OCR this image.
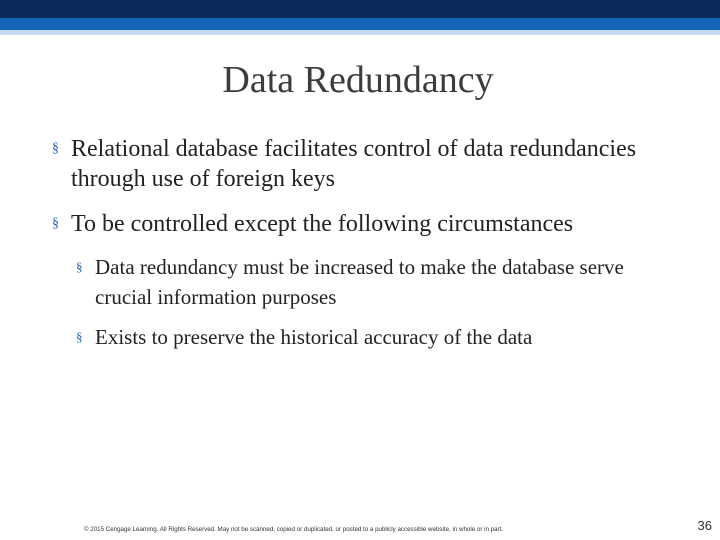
Data Redundancy
§ Relational database facilitates control of data redundancies through use of foreign keys
§ To be controlled except the following circumstances
§ Data redundancy must be increased to make the database serve crucial information purposes
§ Exists to preserve the historical accuracy of the data
© 2015 Cengage Learning. All Rights Reserved. May not be scanned, copied or duplicated, or posted to a publicly accessible website, in whole or in part.	36
